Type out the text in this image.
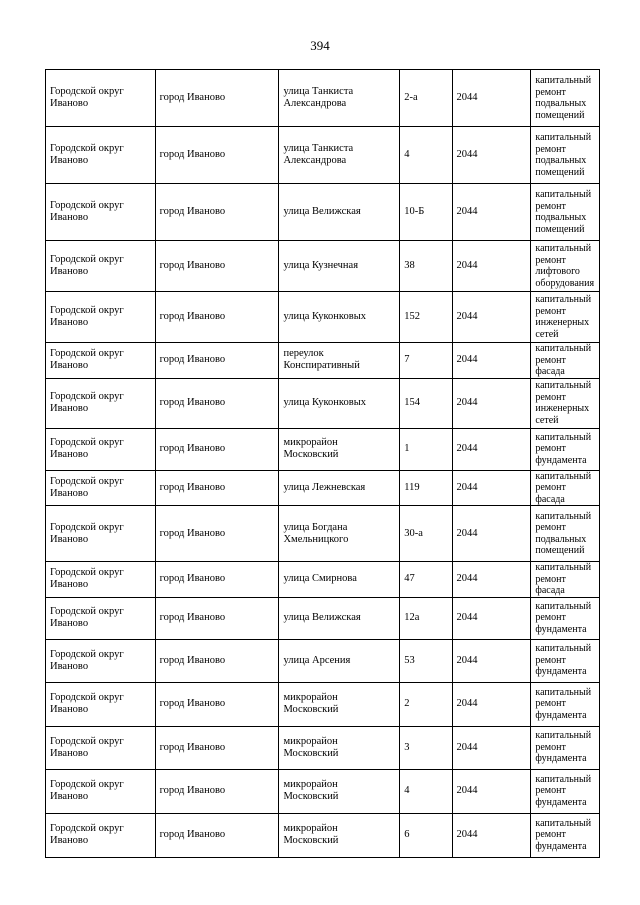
394
Городской округ Иваново	город Иваново	улица Танкиста Александрова	2-а	2044	капитальный ремонт подвальных помещений
Городской округ Иваново	город Иваново	улица Танкиста Александрова	4	2044	капитальный ремонт подвальных помещений
Городской округ Иваново	город Иваново	улица Велижская	10-Б	2044	капитальный ремонт подвальных помещений
Городской округ Иваново	город Иваново	улица Кузнечная	38	2044	капитальный ремонт лифтового оборудования
Городской округ Иваново	город Иваново	улица Куконковых	152	2044	капитальный ремонт инженерных сетей
Городской округ Иваново	город Иваново	переулок Конспиративный	7	2044	капитальный ремонт фасада
Городской округ Иваново	город Иваново	улица Куконковых	154	2044	капитальный ремонт инженерных сетей
Городской округ Иваново	город Иваново	микрорайон Московский	1	2044	капитальный ремонт фундамента
Городской округ Иваново	город Иваново	улица Лежневская	119	2044	капитальный ремонт фасада
Городской округ Иваново	город Иваново	улица Богдана Хмельницкого	30-а	2044	капитальный ремонт подвальных помещений
Городской округ Иваново	город Иваново	улица Смирнова	47	2044	капитальный ремонт фасада
Городской округ Иваново	город Иваново	улица Велижская	12а	2044	капитальный ремонт фундамента
Городской округ Иваново	город Иваново	улица Арсения	53	2044	капитальный ремонт фундамента
Городской округ Иваново	город Иваново	микрорайон Московский	2	2044	капитальный ремонт фундамента
Городской округ Иваново	город Иваново	микрорайон Московский	3	2044	капитальный ремонт фундамента
Городской округ Иваново	город Иваново	микрорайон Московский	4	2044	капитальный ремонт фундамента
Городской округ Иваново	город Иваново	микрорайон Московский	6	2044	капитальный ремонт фундамента
